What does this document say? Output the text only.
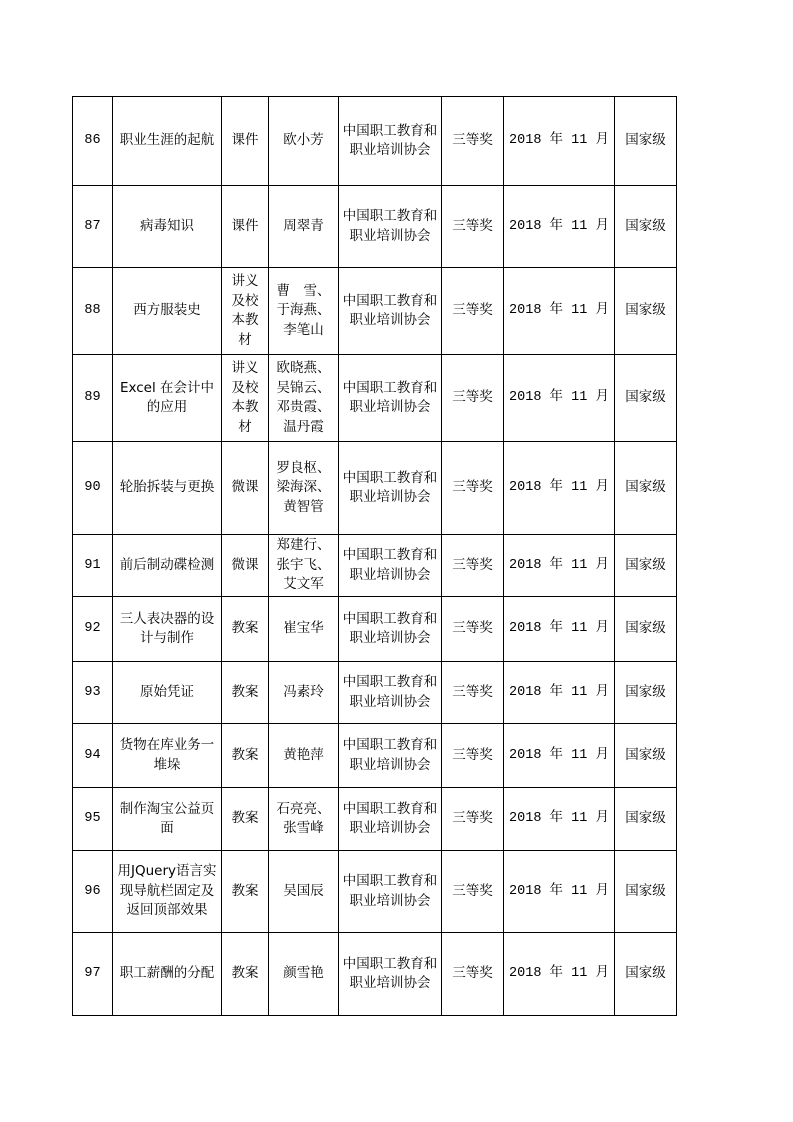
86	职业生涯的起航	课件	欧小芳	中国职工教育和职业培训协会	三等奖	2018 年 11 月	国家级
87	病毒知识	课件	周翠青	中国职工教育和职业培训协会	三等奖	2018 年 11 月	国家级
88	西方服装史	讲义及校本教材	曹　雪、于海燕、李笔山	中国职工教育和职业培训协会	三等奖	2018 年 11 月	国家级
89	Excel 在会计中的应用	讲义及校本教材	欧晓燕、吴锦云、邓贵霞、温丹霞	中国职工教育和职业培训协会	三等奖	2018 年 11 月	国家级
90	轮胎拆装与更换	微课	罗良枢、梁海深、黄智管	中国职工教育和职业培训协会	三等奖	2018 年 11 月	国家级
91	前后制动碟检测	微课	郑建行、张宇飞、艾文军	中国职工教育和职业培训协会	三等奖	2018 年 11 月	国家级
92	三人表决器的设计与制作	教案	崔宝华	中国职工教育和职业培训协会	三等奖	2018 年 11 月	国家级
93	原始凭证	教案	冯素玲	中国职工教育和职业培训协会	三等奖	2018 年 11 月	国家级
94	货物在库业务一堆垛	教案	黄艳萍	中国职工教育和职业培训协会	三等奖	2018 年 11 月	国家级
95	制作淘宝公益页面	教案	石亮亮、张雪峰	中国职工教育和职业培训协会	三等奖	2018 年 11 月	国家级
96	用JQuery语言实现导航栏固定及返回顶部效果	教案	吴国辰	中国职工教育和职业培训协会	三等奖	2018 年 11 月	国家级
97	职工薪酬的分配	教案	颜雪艳	中国职工教育和职业培训协会	三等奖	2018 年 11 月	国家级
